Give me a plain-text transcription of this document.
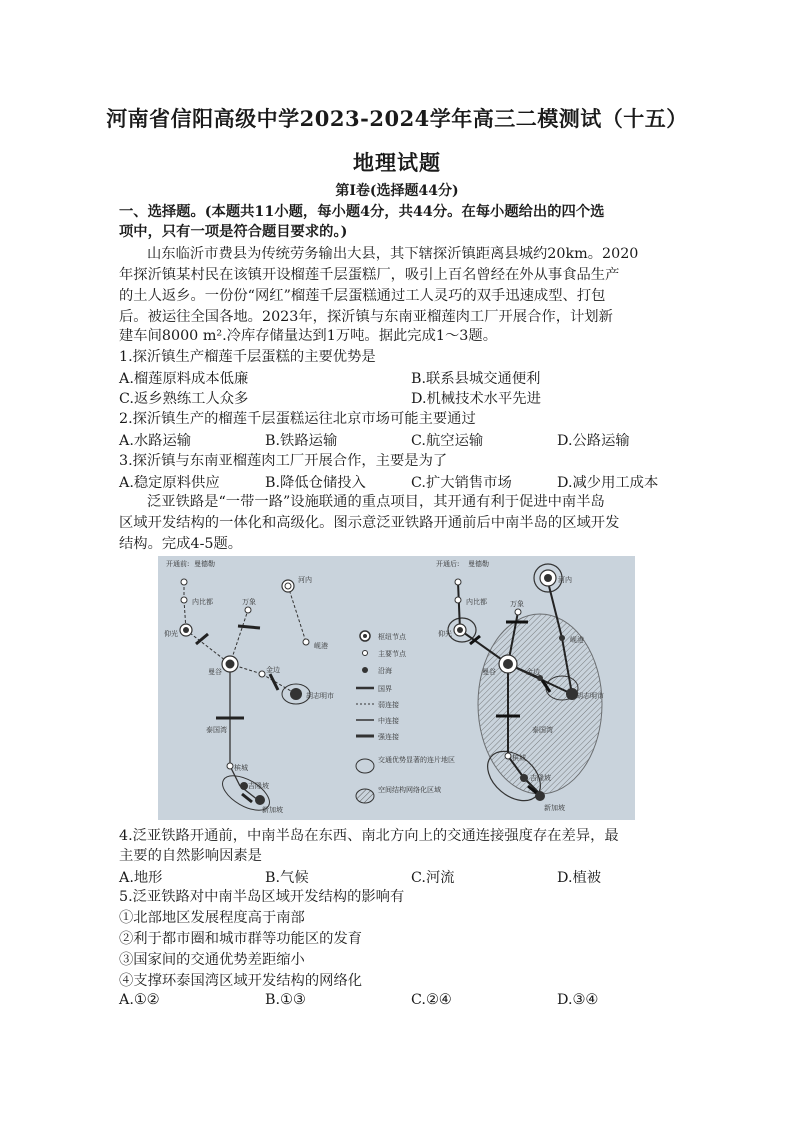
河南省信阳高级中学2023-2024学年高三二模测试（十五）
地理试题
第Ⅰ卷(选择题44分)
一、选择题。(本题共11小题，每小题4分，共44分。在每小题给出的四个选
项中，只有一项是符合题目要求的。)
山东临沂市费县为传统劳务输出大县，其下辖探沂镇距离县城约20km。2020
年探沂镇某村民在该镇开设榴莲千层蛋糕厂，吸引上百名曾经在外从事食品生产
的土人返乡。一份份“网红”榴莲千层蛋糕通过工人灵巧的双手迅速成型、打包
后。被运往全国各地。2023年，探沂镇与东南亚榴莲肉工厂开展合作，计划新
建车间8000 m².冷库存储量达到1万吨。据此完成1～3题。
1.探沂镇生产榴莲千层蛋糕的主要优势是
A.榴莲原料成本低廉	B.联系县城交通便利
C.返乡熟练工人众多	D.机械技术水平先进
2.探沂镇生产的榴莲千层蛋糕运往北京市场可能主要通过
A.水路运输	B.铁路运输	C.航空运输	D.公路运输
3.探沂镇与东南亚榴莲肉工厂开展合作，主要是为了
A.稳定原料供应	B.降低仓储投入	C.扩大销售市场	D.减少用工成本
泛亚铁路是“一带一路”设施联通的重点项目，其开通有利于促进中南半岛
区域开发结构的一体化和高级化。图示意泛亚铁路开通前后中南半岛的区域开发
结构。完成4-5题。
开通前: 曼德勒
内比都
仰光
万象
河内
岘港
曼谷	金边
胡志明市
泰国湾
槟城
吉隆坡
新加坡
枢纽节点
主要节点
沿海
国界
弱连接
中连接
强连接
交通优势显著的连片地区
空间结构网络化区域
开通后: 曼德勒
内比都
仰光
万象
河内
岘港
曼谷	金边
胡志明市
泰国湾
槟城
吉隆坡
新加坡
4.泛亚铁路开通前，中南半岛在东西、南北方向上的交通连接强度存在差异，最
主要的自然影响因素是
A.地形	B.气候	C.河流	D.植被
5.泛亚铁路对中南半岛区域开发结构的影响有
①北部地区发展程度高于南部
②利于都市圈和城市群等功能区的发育
③国家间的交通优势差距缩小
④支撑环泰国湾区域开发结构的网络化
A.①②	B.①③	C.②④	D.③④
